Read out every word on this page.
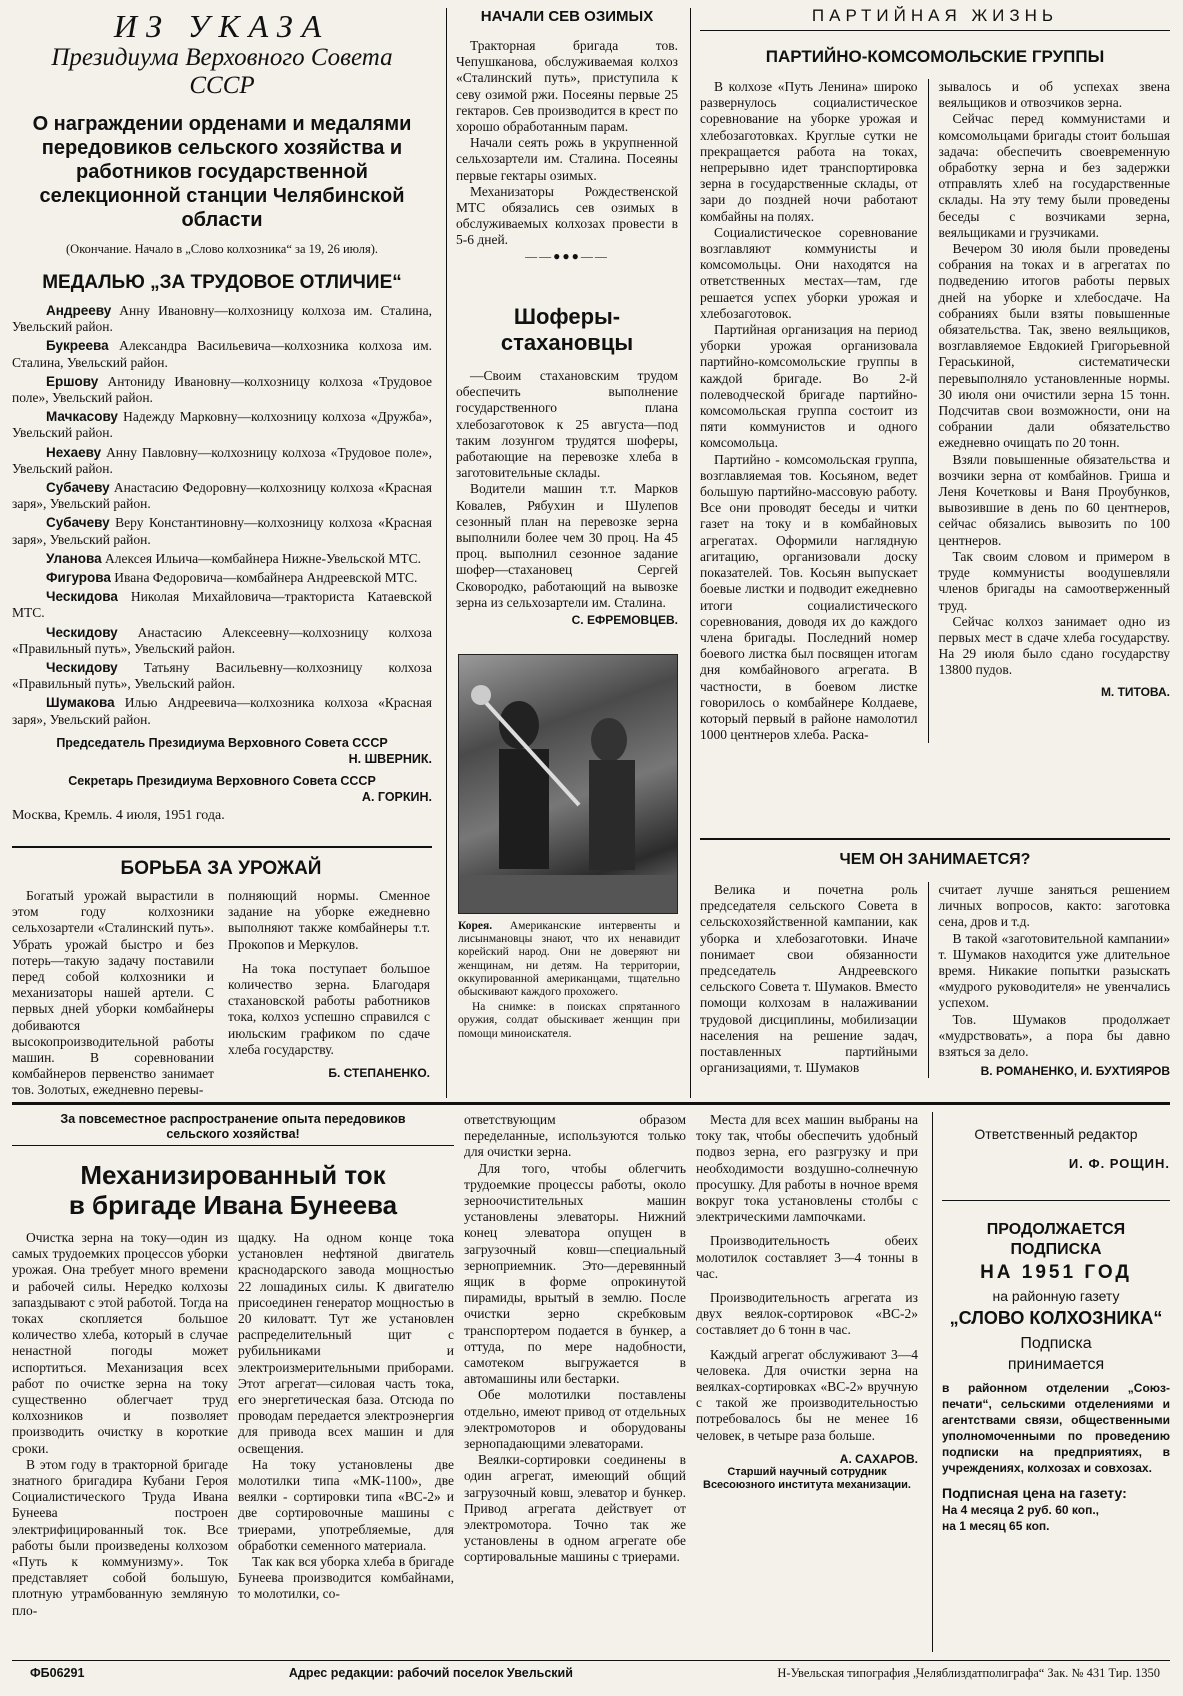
ИЗ УКАЗА
Президиума Верховного Совета
СССР
О награждении орденами и медалями передовиков сельского хозяйства и работников государственной селекционной станции Челябинской области
(Окончание. Начало в „Слово колхозника“ за 19, 26 июля).
МЕДАЛЬЮ „ЗА ТРУДОВОЕ ОТЛИЧИЕ“

Андрееву Анну Ивановну—колхозницу колхоза им. Сталина, Увельский район.

Букреева Александра Васильевича—колхозника колхоза им. Сталина, Увельский район.

Ершову Антониду Ивановну—колхозницу колхоза «Трудовое поле», Увельский район.

Мачкасову Надежду Марковну—колхозницу колхоза «Дружба», Увельский район.

Нехаеву Анну Павловну—колхозницу колхоза «Трудовое поле», Увельский район.

Субачеву Анастасию Федоровну—колхозницу колхоза «Красная заря», Увельский район.

Субачеву Веру Константиновну—колхозницу колхоза «Красная заря», Увельский район.

Уланова Алексея Ильича—комбайнера Нижне-Увельской МТС.

Фигурова Ивана Федоровича—комбайнера Андреевской МТС.

Ческидова Николая Михайловича—тракториста Катаевской МТС.

Ческидову Анастасию Алексеевну—колхозницу колхоза «Правильный путь», Увельский район.

Ческидову Татьяну Васильевну—колхозницу колхоза «Правильный путь», Увельский район.

Шумакова Илью Андреевича—колхозника колхоза «Красная заря», Увельский район.

Председатель Президиума Верховного Совета СССР
Н. ШВЕРНИК.
Секретарь Президиума Верховного Совета СССР
А. ГОРКИН.
Москва, Кремль. 4 июля, 1951 года.
БОРЬБА ЗА УРОЖАЙ

Богатый урожай вырастили в этом году колхозники сельхозартели «Сталинский путь». Убрать урожай быстро и без потерь—такую задачу поставили перед собой колхозники и механизаторы нашей артели. С первых дней уборки комбайнеры добиваются высокопроизводительной работы машин. В соревновании комбайнеров первенство занимает тов. Золотых, ежедневно перевы-

полняющий нормы. Сменное задание на уборке ежедневно выполняют также комбайнеры т.т. Прокопов и Меркулов.

На тока поступает большое количество зерна. Благодаря стахановской работы работников тока, колхоз успешно справился с июльским графиком по сдаче хлеба государству.

Б. СТЕПАНЕНКО.
НАЧАЛИ СЕВ ОЗИМЫХ

Тракторная бригада тов. Чепушканова, обслуживаемая колхоз «Сталинский путь», приступила к севу озимой ржи. Посеяны первые 25 гектаров. Сев производится в крест по хорошо обработанным парам.

Начали сеять рожь в укрупненной сельхозартели им. Сталина. Посеяны первые гектары озимых.

Механизаторы Рождественской МТС обязались сев озимых в обслуживаемых колхозах провести в 5-6 дней.

——●●●——
Шоферы-стахановцы

—Своим стахановским трудом обеспечить выполнение государственного плана хлебозаготовок к 25 августа—под таким лозунгом трудятся шоферы, работающие на перевозке хлеба в заготовительные склады.

Водители машин т.т. Марков Ковалев, Рябухин и Шулепов сезонный план на перевозке зерна выполнили более чем 30 проц. На 45 проц. выполнил сезонное задание шофер—стахановец Сергей Сковородко, работающий на вывозке зерна из сельхозартели им. Сталина.

С. ЕФРЕМОВЦЕВ.

Корея. Американские интервенты и лисынмановцы знают, что их ненавидит корейский народ. Они не доверяют ни женщинам, ни детям. На территории, оккупированной американцами, тщательно обыскивают каждого прохожего.

На снимке: в поисках спрятанного оружия, солдат обыскивает женщин при помощи миноискателя.

ПАРТИЙНАЯ ЖИЗНЬ
ПАРТИЙНО-КОМСОМОЛЬСКИЕ ГРУППЫ

В колхозе «Путь Ленина» широко развернулось социалистическое соревнование на уборке урожая и хлебозаготовках. Круглые сутки не прекращается работа на токах, непрерывно идет транспортировка зерна в государственные склады, от зари до поздней ночи работают комбайны на полях.

Социалистическое соревнование возглавляют коммунисты и комсомольцы. Они находятся на ответственных местах—там, где решается успех уборки урожая и хлебозаготовок.

Партийная организация на период уборки урожая организовала партийно-комсомольские группы в каждой бригаде. Во 2-й полеводческой бригаде партийно-комсомольская группа состоит из пяти коммунистов и одного комсомольца.

Партийно - комсомольская группа, возглавляемая тов. Косьяном, ведет большую партийно-массовую работу. Все они проводят беседы и читки газет на току и в комбайновых агрегатах. Оформили наглядную агитацию, организовали доску показателей. Тов. Косьян выпускает боевые листки и подводит ежедневно итоги социалистического соревнования, доводя их до каждого члена бригады. Последний номер боевого листка был посвящен итогам дня комбайнового агрегата. В частности, в боевом листке говорилось о комбайнере Колдаеве, который первый в районе намолотил 1000 центнеров хлеба. Раска-

зывалось и об успехах звена веяльщиков и отвозчиков зерна.

Сейчас перед коммунистами и комсомольцами бригады стоит большая задача: обеспечить своевременную обработку зерна и без задержки отправлять хлеб на государственные склады. На эту тему были проведены беседы с возчиками зерна, веяльщиками и грузчиками.

Вечером 30 июля были проведены собрания на токах и в агрегатах по подведению итогов работы первых дней на уборке и хлебосдаче. На собраниях были взяты повышенные обязательства. Так, звено веяльщиков, возглавляемое Евдокией Григорьевной Гераськиной, систематически перевыполняло установленные нормы. 30 июля они очистили зерна 15 тонн. Подсчитав свои возможности, они на собрании дали обязательство ежедневно очищать по 20 тонн.

Взяли повышенные обязательства и возчики зерна от комбайнов. Гриша и Леня Кочетковы и Ваня Проубунков, вывозившие в день по 60 центнеров, сейчас обязались вывозить по 100 центнеров.

Так своим словом и примером в труде коммунисты воодушевляли членов бригады на самоотверженный труд.

Сейчас колхоз занимает одно из первых мест в сдаче хлеба государству. На 29 июля было сдано государству 13800 пудов.

М. ТИТОВА.
ЧЕМ ОН ЗАНИМАЕТСЯ?

Велика и почетна роль председателя сельского Совета в сельскохозяйственной кампании, как уборка и хлебозаготовки. Иначе понимает свои обязанности председатель Андреевского сельского Совета т. Шумаков. Вместо помощи колхозам в налаживании трудовой дисциплины, мобилизации населения на решение задач, поставленных партийными организациями, т. Шумаков

считает лучше заняться решением личных вопросов, както: заготовка сена, дров и т.д.

В такой «заготовительной кампании» т. Шумаков находится уже длительное время. Никакие попытки разыскать «мудрого руководителя» не увенчались успехом.

Тов. Шумаков продолжает «мудрствовать», а пора бы давно взяться за дело.

В. РОМАНЕНКО, И. БУХТИЯРОВ
За повсеместное распространение опыта передовиков сельского хозяйства!
Механизированный ток
в бригаде Ивана Бунеева

Очистка зерна на току—один из самых трудоемких процессов уборки урожая. Она требует много времени и рабочей силы. Нередко колхозы запаздывают с этой работой. Тогда на токах скопляется большое количество хлеба, который в случае ненастной погоды может испортиться. Механизация всех работ по очистке зерна на току существенно облегчает труд колхозников и позволяет производить очистку в короткие сроки.

В этом году в тракторной бригаде знатного бригадира Кубани Героя Социалистического Труда Ивана Бунеева построен электрифицированный ток. Все работы были произведены колхозом «Путь к коммунизму». Ток представляет собой большую, плотную утрамбованную земляную пло-

щадку. На одном конце тока установлен нефтяной двигатель краснодарского завода мощностью 22 лошадиных силы. К двигателю присоединен генератор мощностью в 20 киловатт. Тут же установлен распределительный щит с рубильниками и электроизмерительными приборами. Этот агрегат—силовая часть тока, его энергетическая база. Отсюда по проводам передается электроэнергия для привода всех машин и для освещения.

На току установлены две молотилки типа «МК-1100», две веялки - сортировки типа «ВС-2» и две сортировочные машины с триерами, употребляемые, для обработки семенного материала.

Так как вся уборка хлеба в бригаде Бунеева производится комбайнами, то молотилки, со-

ответствующим образом переделанные, используются только для очистки зерна.

Для того, чтобы облегчить трудоемкие процессы работы, около зерноочистительных машин установлены элеваторы. Нижний конец элеватора опущен в загрузочный ковш—специальный зерноприемник. Это—деревянный ящик в форме опрокинутой пирамиды, врытый в землю. После очистки зерно скребковым транспортером подается в бункер, а оттуда, по мере надобности, самотеком выгружается в автомашины или бестарки.

Обе молотилки поставлены отдельно, имеют привод от отдельных электромоторов и оборудованы зернопадающими элеваторами.

Веялки-сортировки соединены в один агрегат, имеющий общий загрузочный ковш, элеватор и бункер. Привод агрегата действует от электромотора. Точно так же установлены в одном агрегате обе сортировальные машины с триерами.

Места для всех машин выбраны на току так, чтобы обеспечить удобный подвоз зерна, его разгрузку и при необходимости воздушно-солнечную просушку. Для работы в ночное время вокруг тока установлены столбы с электрическими лампочками.

Производительность обеих молотилок составляет 3—4 тонны в час.

Производительность агрегата из двух веялок-сортировок «ВС-2» составляет до 6 тонн в час.

Каждый агрегат обслуживают 3—4 человека. Для очистки зерна на веялках-сортировках «ВС-2» вручную с такой же производительностью потребовалось бы не менее 16 человек, в четыре раза больше.

А. САХАРОВ.
Старший научный сотрудник Всесоюзного института механизации.
Ответственный редактор
И. Ф. РОЩИН.
ПРОДОЛЖАЕТСЯ
ПОДПИСКА
НА 1951 ГОД
на районную газету
„СЛОВО КОЛХОЗНИКА“
Подписка
принимается
в районном отделении „Союз-печати“, сельскими отделениями и агентствами связи, общественными уполномоченными по проведению подписки на предприятиях, в учреждениях, колхозах и совхозах.
Подписная цена на газету:
На 4 месяца 2 руб. 60 коп.,
на 1 месяц 65 коп.
ФБ06291	Адрес редакции: рабочий поселок Увельский	Н-Увельская типография „Челяблиздатполиграфа“ Зак. № 431 Тир. 1350
